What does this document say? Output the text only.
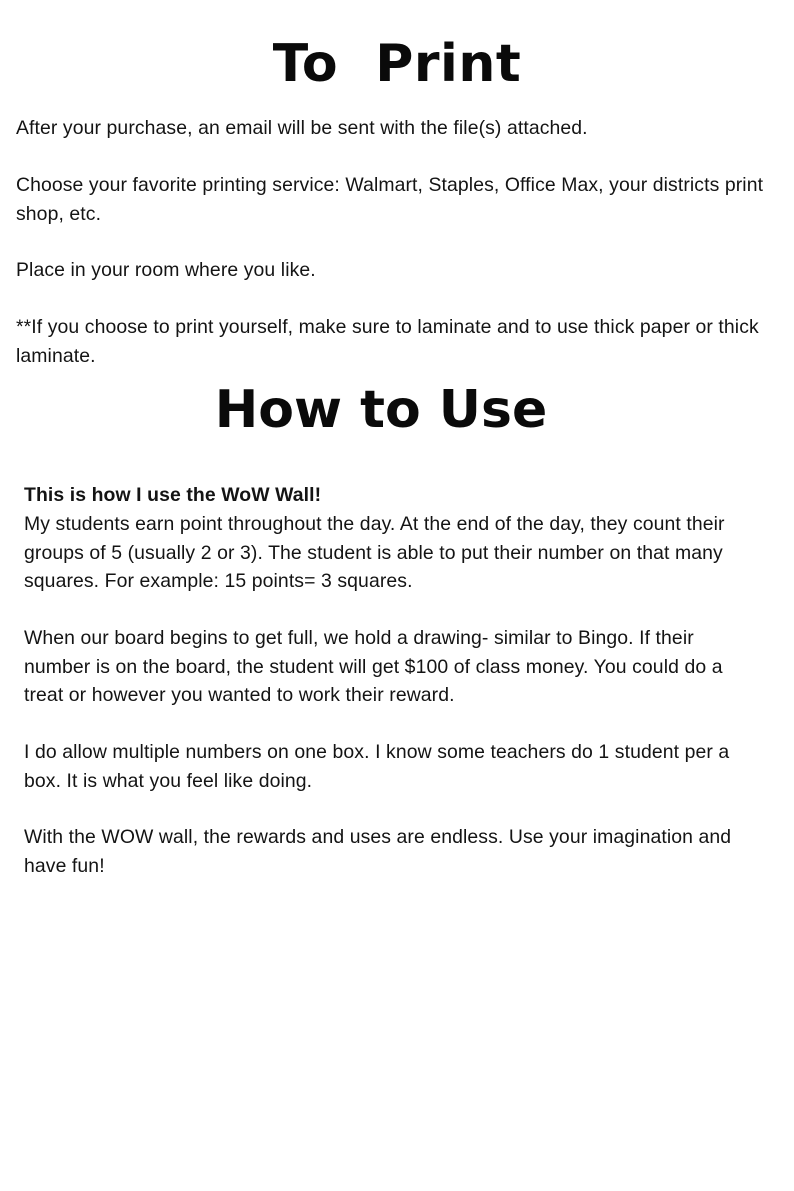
To  Print

After your purchase, an email will be sent with the file(s) attached.

Choose your favorite printing service: Walmart, Staples, Office Max, your districts print shop, etc.

Place in your room where you like.

**If you choose to print yourself, make sure to laminate and to use thick paper or thick laminate.

How to Use

This is how I use the WoW Wall!

My students earn point throughout the day. At the end of the day, they count their groups of 5 (usually 2 or 3). The student is able to put their number on that many squares. For example: 15 points= 3 squares.

When our board begins to get full, we hold a drawing- similar to Bingo. If their number is on the board, the student will get $100 of class money. You could do a treat or however you wanted to work their reward.

I do allow multiple numbers on one box. I know some teachers do 1 student per a box. It is what you feel like doing.

With the WOW wall, the rewards and uses are endless. Use your imagination and have fun!
